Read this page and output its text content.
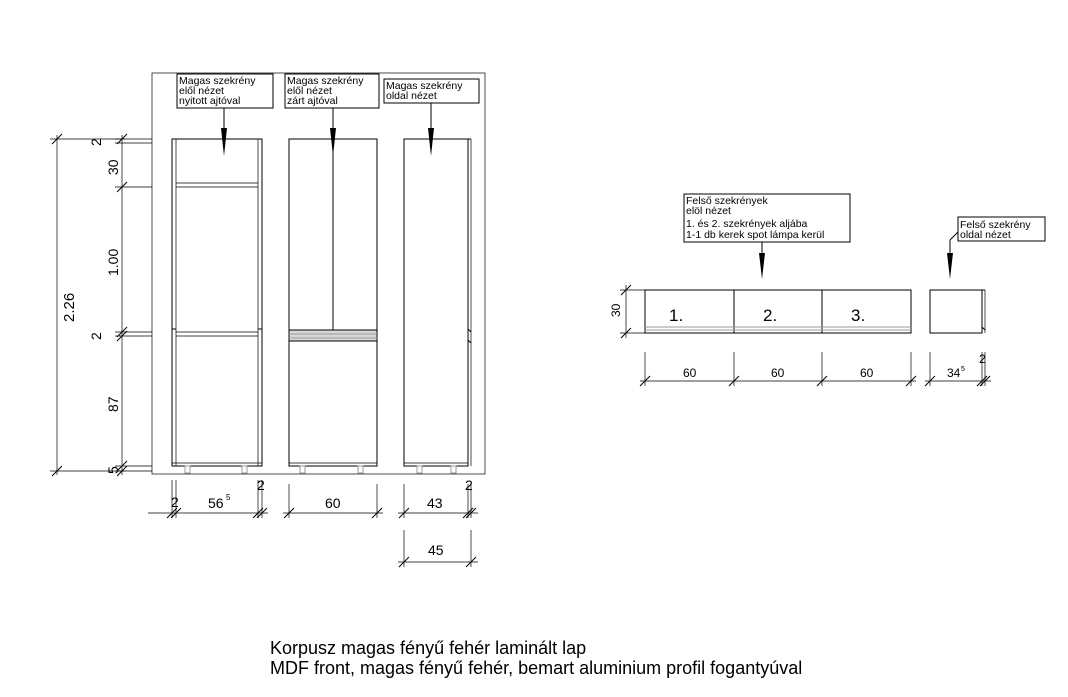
Magas szekrény
elől nézet
nyitott ajtóval
Magas szekrény
elől nézet
zárt ajtóval
Magas szekrény
oldal nézet
2.26
2
30
1.00
2
87
5
2 56 5
2
60	43
2
45
1.	2.	3.
Felső szekrények
elöl nézet
1. és 2. szekrények aljába
1-1 db kerek spot lámpa kerül
30
60	60	60
Felső szekrény
oldal nézet
34 5
2
Korpusz magas fényű fehér laminált lap
MDF front, magas fényű fehér, bemart aluminium profil fogantyúval
